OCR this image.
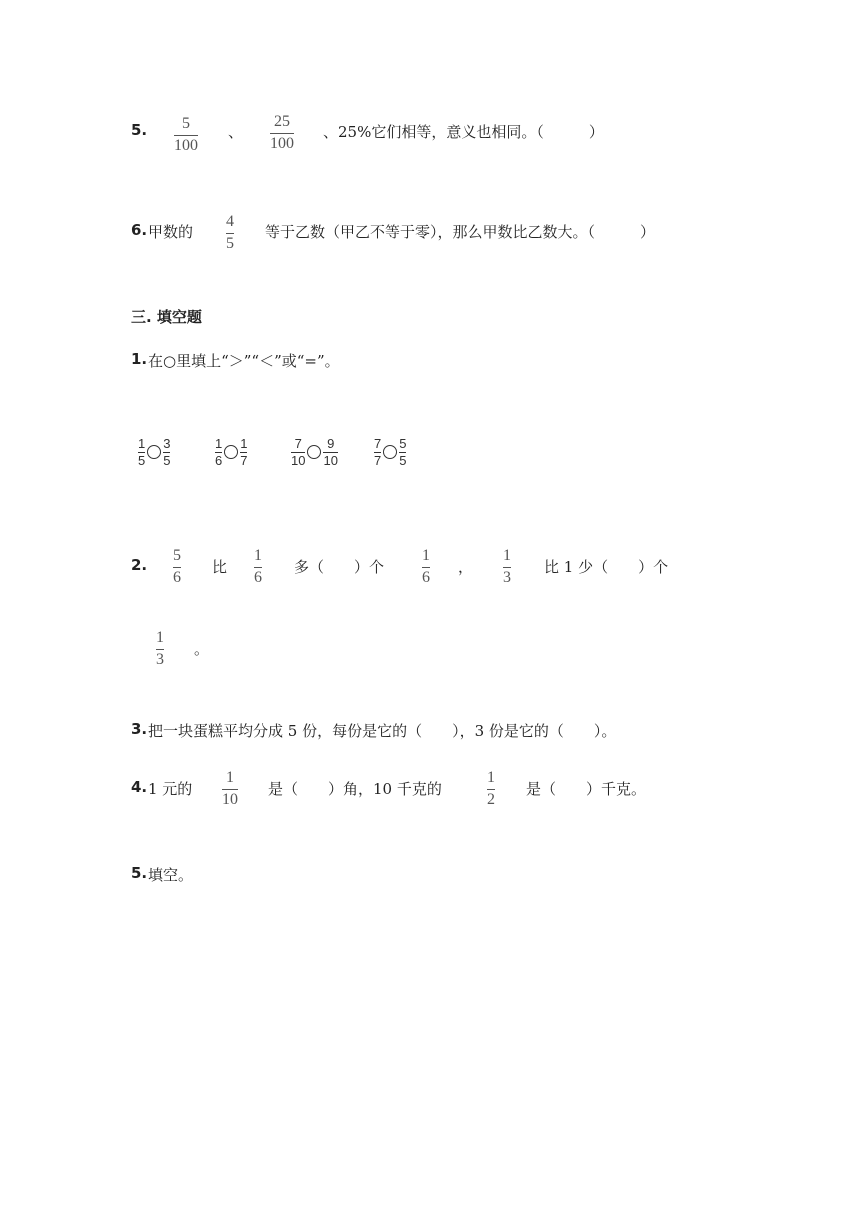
5. 5
100
、
25
100
、25%它们相等，意义也相同。（　　　）
6. 甲数的
4
5
等于乙数（甲乙不等于零），那么甲数比乙数大。（　　　）
三. 填空题
1. 在○里填上“＞”“＜”或“=”。
$\frac{1}{5} \frac{3}{5}$	$\frac{1}{6} \frac{1}{7}$	$\frac{7}{10} \frac{9}{10}$	$\frac{7}{7} \frac{5}{5}$
2.
5
6
比
1
6
多（　　）个
1
6
，
1
3
比 1 少（　　）个
1
3
。
3. 把一块蛋糕平均分成 5 份，每份是它的（　　），3 份是它的（　　）。
4. 1 元的
1
10
是（　　）角，10 千克的
1
2
是（　　）千克。
5. 填空。
